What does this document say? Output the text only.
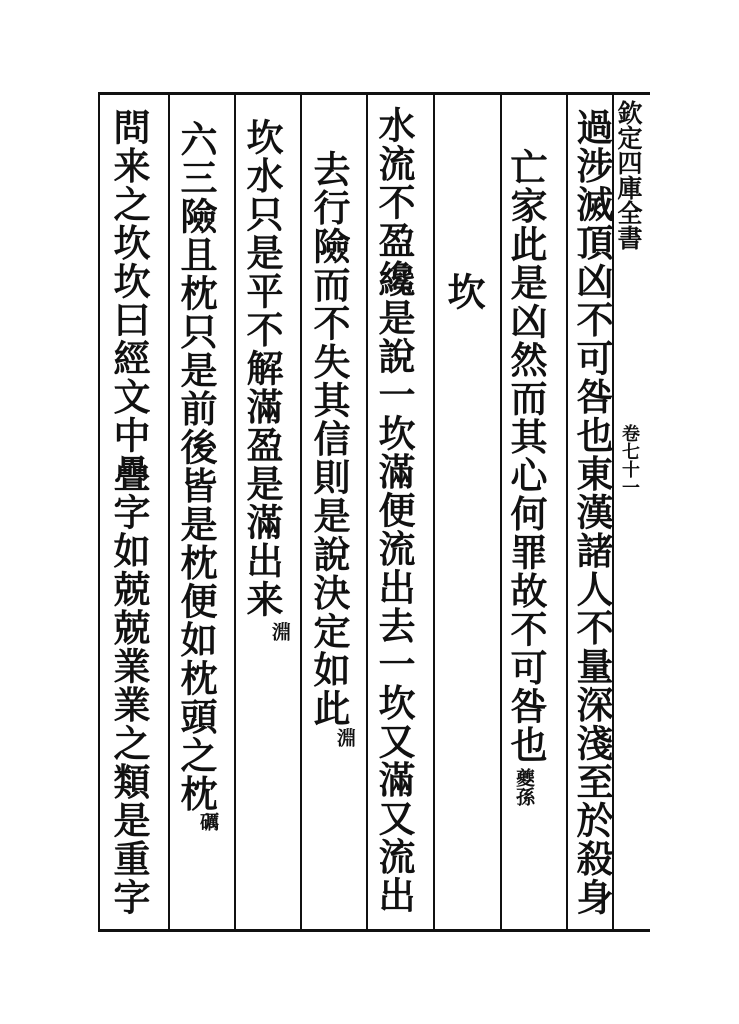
欽定四庫全書
卷七十一
過涉滅頂凶不可咎也東漢諸人不量深淺至於殺身
亡家此是凶然而其心何罪故不可咎也
夔孫
坎
水流不盈纔是說一坎滿便流出去一坎又滿又流出
去行險而不失其信則是說決定如此
淵
坎水只是平不解滿盈是滿出来
淵
六三險且枕只是前後皆是枕便如枕頭之枕
礪
問来之坎坎曰經文中疊字如兢兢業業之類是重字
